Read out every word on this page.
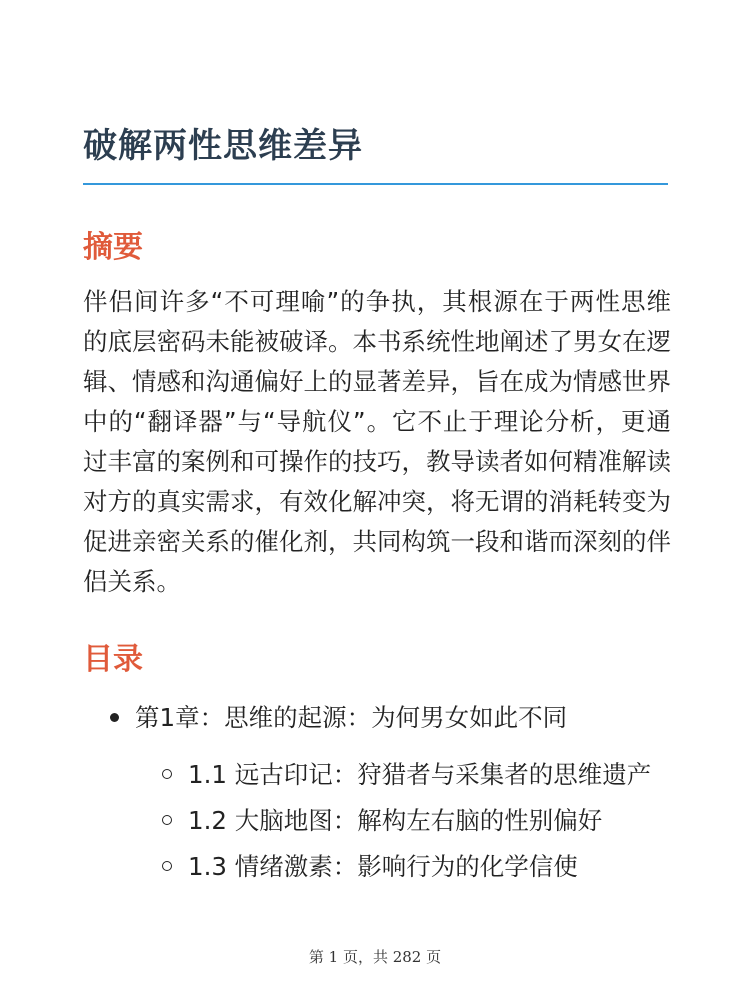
破解两性思维差异
摘要

伴侣间许多“不可理喻”的争执，其根源在于两性思维的底层密码未能被破译。本书系统性地阐述了男女在逻辑、情感和沟通偏好上的显著差异，旨在成为情感世界中的“翻译器”与“导航仪”。它不止于理论分析，更通过丰富的案例和可操作的技巧，教导读者如何精准解读对方的真实需求，有效化解冲突，将无谓的消耗转变为促进亲密关系的催化剂，共同构筑一段和谐而深刻的伴侣关系。

目录
第1章：思维的起源：为何男女如此不同
1.1 远古印记：狩猎者与采集者的思维遗产
1.2 大脑地图：解构左右脑的性别偏好
1.3 情绪激素：影响行为的化学信使
第 1 页，共 282 页
